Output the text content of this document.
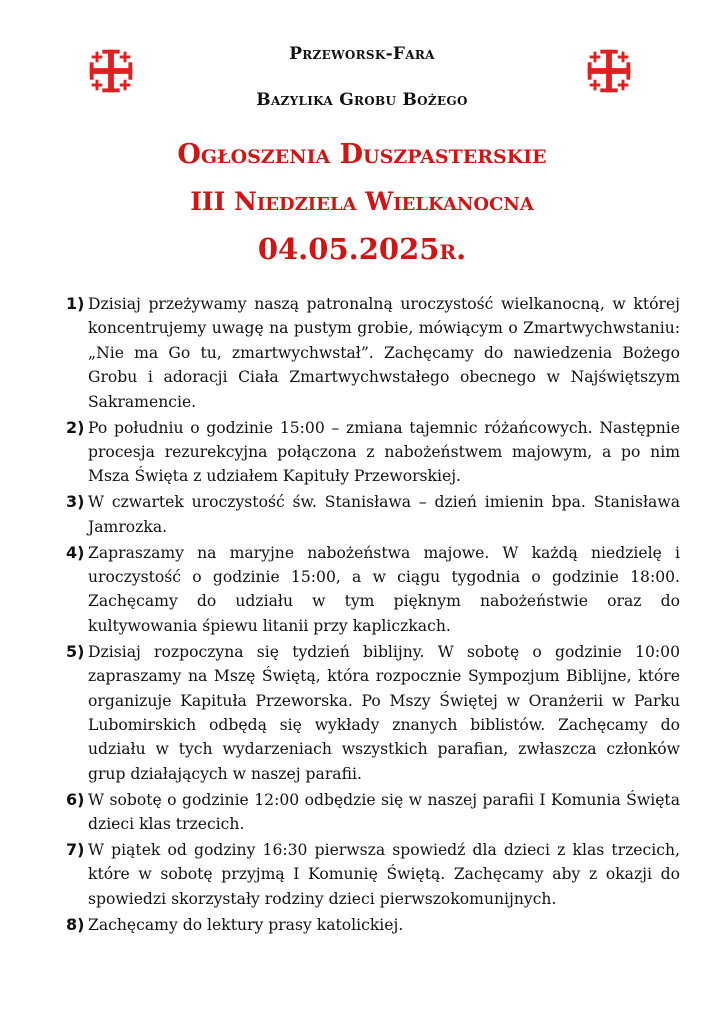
Przeworsk-Fara
Bazylika Grobu Bożego
Ogłoszenia Duszpasterskie
III Niedziela Wielkanocna
04.05.2025r.
1) Dzisiaj przeżywamy naszą patronalną uroczystość wielkanocną, w której koncentrujemy uwagę na pustym grobie, mówiącym o Zmartwychwstaniu: „Nie ma Go tu, zmartwychwstał”. Zachęcamy do nawiedzenia Bożego Grobu i adoracji Ciała Zmartwychwstałego obecnego w Najświętszym Sakramencie.
2) Po południu o godzinie 15:00 – zmiana tajemnic różańcowych. Następnie procesja rezurekcyjna połączona z nabożeństwem majowym, a po nim Msza Święta z udziałem Kapituły Przeworskiej.
3) W czwartek uroczystość św. Stanisława – dzień imienin bpa. Stanisława Jamrozka.
4) Zapraszamy na maryjne nabożeństwa majowe. W każdą niedzielę i uroczystość o godzinie 15:00, a w ciągu tygodnia o godzinie 18:00. Zachęcamy do udziału w tym pięknym nabożeństwie oraz do kultywowania śpiewu litanii przy kapliczkach.
5) Dzisiaj rozpoczyna się tydzień biblijny. W sobotę o godzinie 10:00 zapraszamy na Mszę Świętą, która rozpocznie Sympozjum Biblijne, które organizuje Kapituła Przeworska. Po Mszy Świętej w Oranżerii w Parku Lubomirskich odbędą się wykłady znanych biblistów. Zachęcamy do udziału w tych wydarzeniach wszystkich parafian, zwłaszcza członków grup działających w naszej parafii.
6) W sobotę o godzinie 12:00 odbędzie się w naszej parafii I Komunia Święta dzieci klas trzecich.
7) W piątek od godziny 16:30 pierwsza spowiedź dla dzieci z klas trzecich, które w sobotę przyjmą I Komunię Świętą. Zachęcamy aby z okazji do spowiedzi skorzystały rodziny dzieci pierwszokomunijnych.
8) Zachęcamy do lektury prasy katolickiej.
